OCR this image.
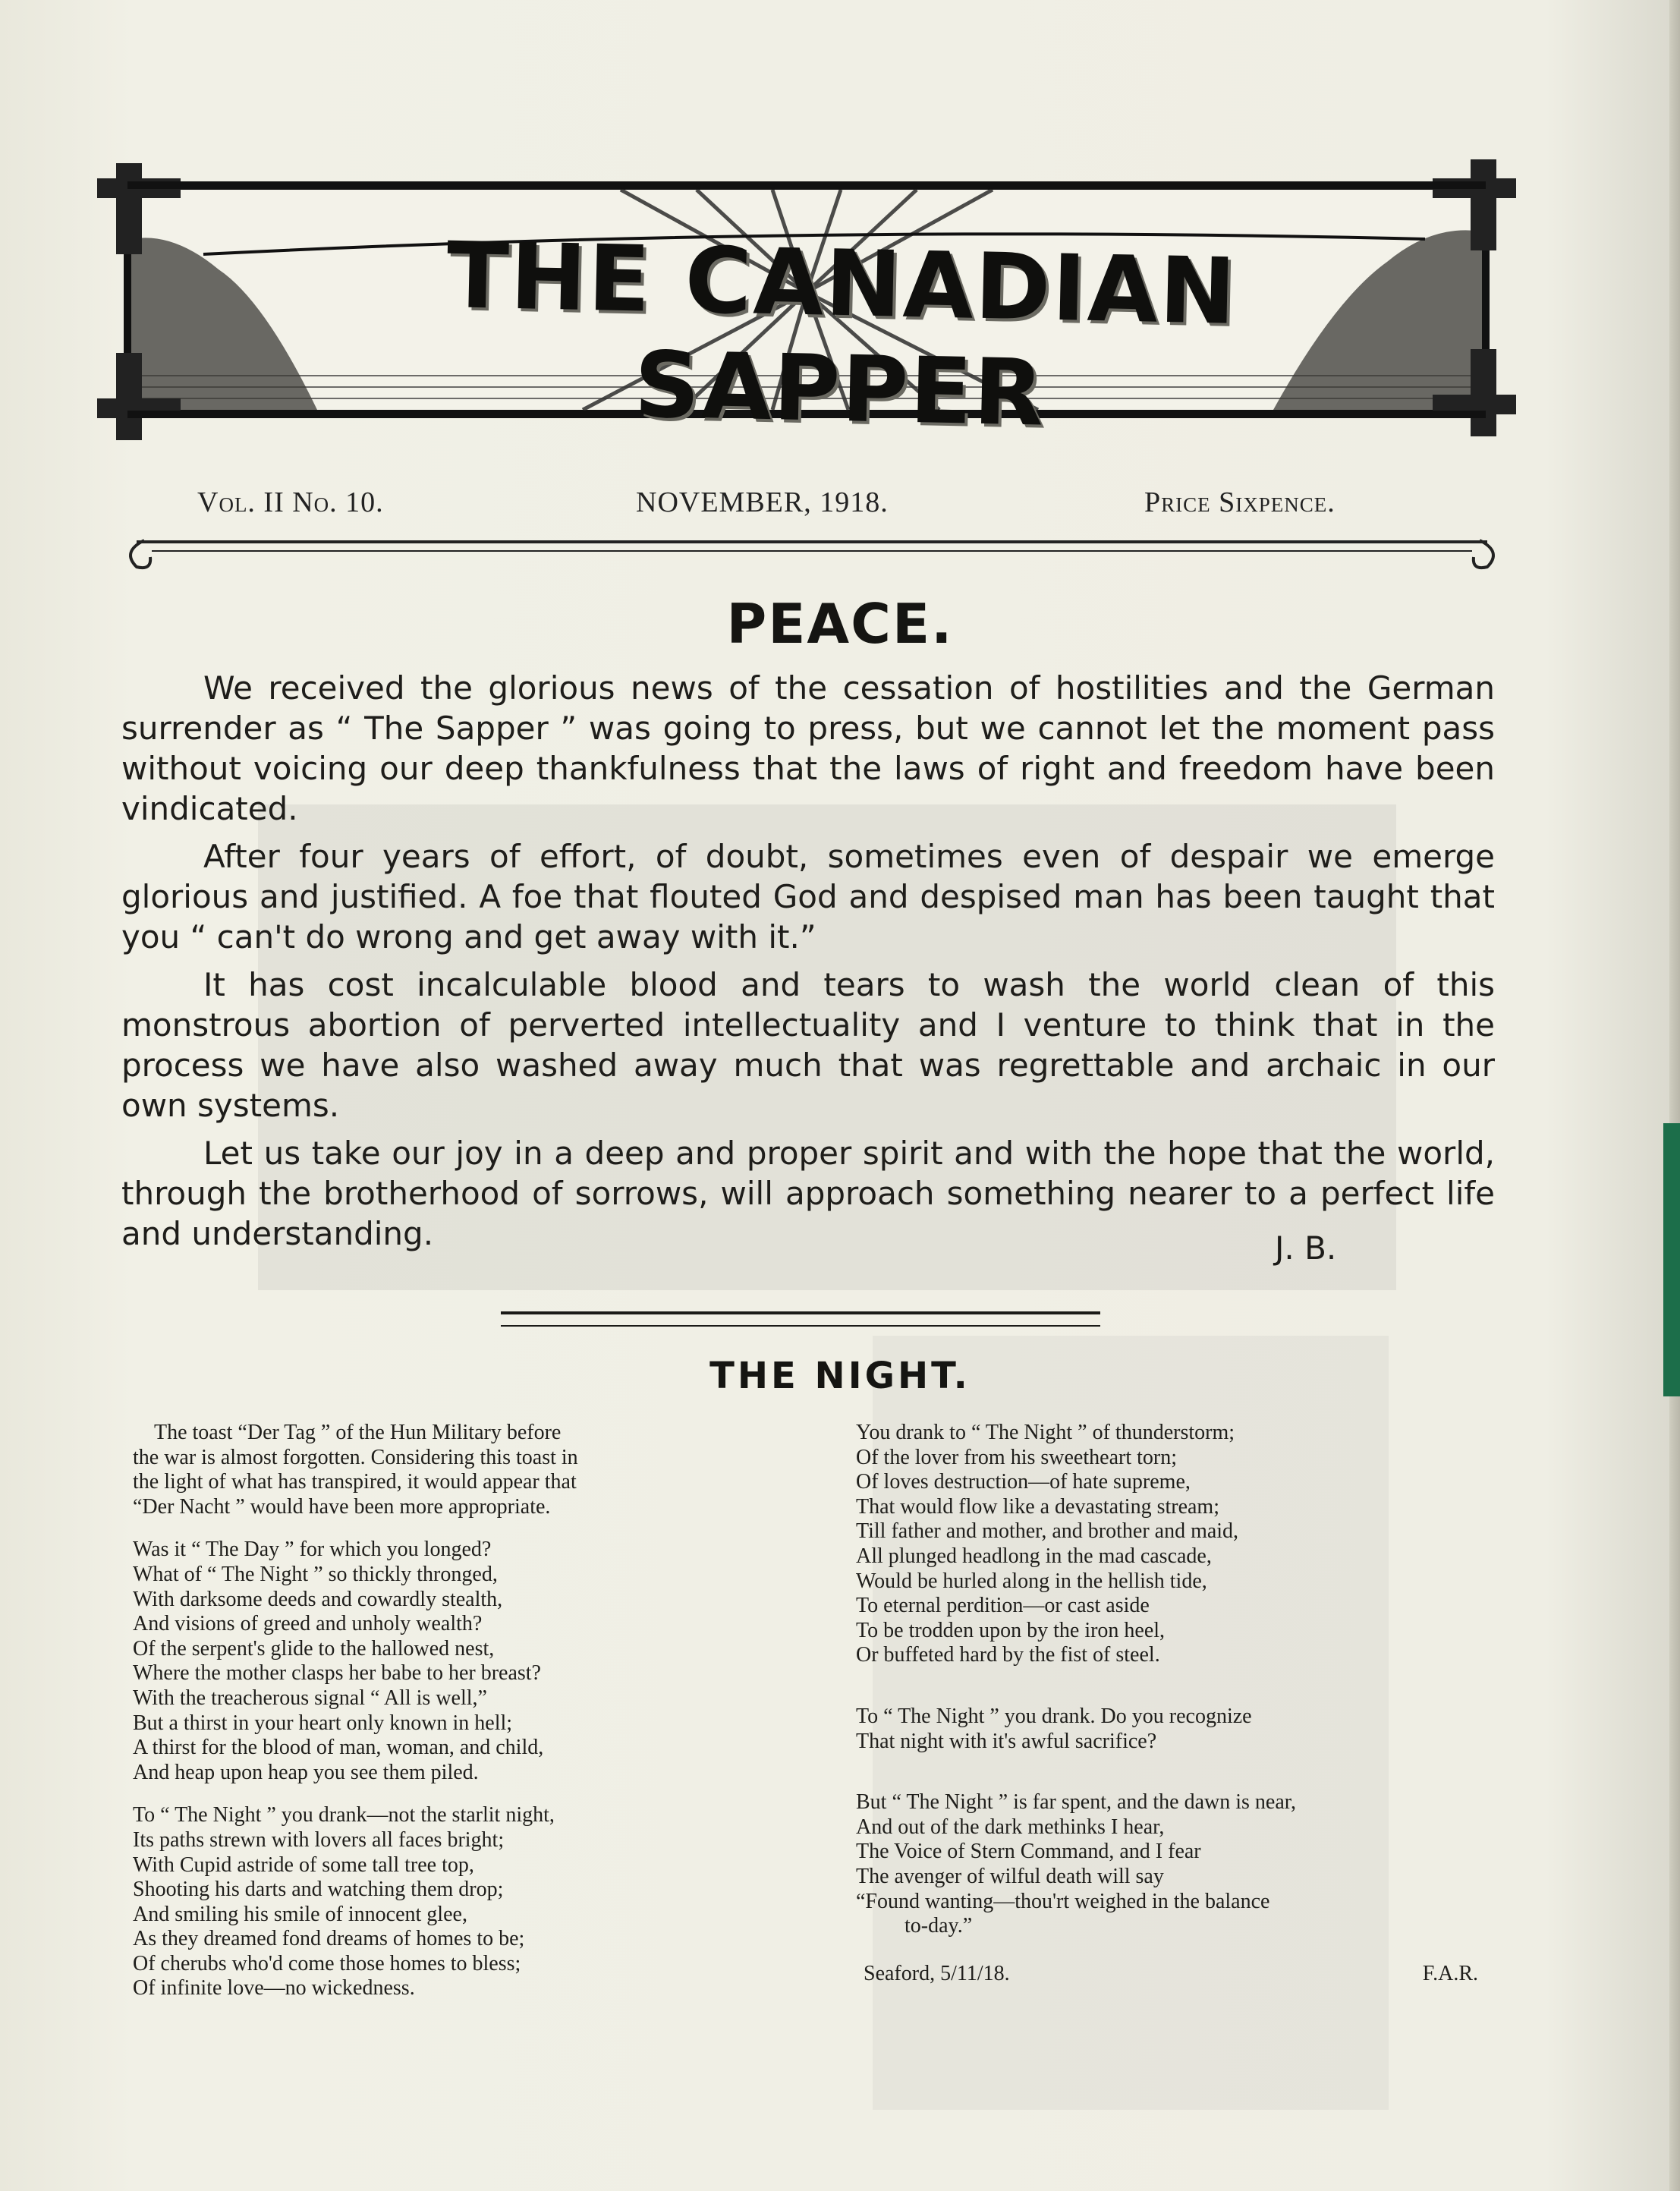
THE CANADIAN SAPPER
Vol. II No. 10.	NOVEMBER, 1918.	Price Sixpence.
PEACE.

We received the glorious news of the cessation of hostilities and the German surrender as “ The Sapper ” was going to press, but we cannot let the moment pass without voicing our deep thankfulness that the laws of right and freedom have been vindicated.

After four years of effort, of doubt, sometimes even of despair we emerge glorious and justified. A foe that flouted God and despised man has been taught that you “ can't do wrong and get away with it.”

It has cost incalculable blood and tears to wash the world clean of this monstrous abortion of perverted intellectuality and I venture to think that in the process we have also washed away much that was regrettable and archaic in our own systems.

Let us take our joy in a deep and proper spirit and with the hope that the world, through the brotherhood of sorrows, will approach something nearer to a perfect life and understanding.	J. B.
THE NIGHT.
The toast “Der Tag ” of the Hun Military before
the war is almost forgotten. Considering this toast in
the light of what has transpired, it would appear that
“Der Nacht ” would have been more appropriate.
Was it “ The Day ” for which you longed?
What of “ The Night ” so thickly thronged,
With darksome deeds and cowardly stealth,
And visions of greed and unholy wealth?
Of the serpent's glide to the hallowed nest,
Where the mother clasps her babe to her breast?
With the treacherous signal “ All is well,”
But a thirst in your heart only known in hell;
A thirst for the blood of man, woman, and child,
And heap upon heap you see them piled.
To “ The Night ” you drank—not the starlit night,
Its paths strewn with lovers all faces bright;
With Cupid astride of some tall tree top,
Shooting his darts and watching them drop;
And smiling his smile of innocent glee,
As they dreamed fond dreams of homes to be;
Of cherubs who'd come those homes to bless;
Of infinite love—no wickedness.
You drank to “ The Night ” of thunderstorm;
Of the lover from his sweetheart torn;
Of loves destruction—of hate supreme,
That would flow like a devastating stream;
Till father and mother, and brother and maid,
All plunged headlong in the mad cascade,
Would be hurled along in the hellish tide,
To eternal perdition—or cast aside
To be trodden upon by the iron heel,
Or buffeted hard by the fist of steel.
To “ The Night ” you drank. Do you recognize
That night with it's awful sacrifice?
But “ The Night ” is far spent, and the dawn is near,
And out of the dark methinks I hear,
The Voice of Stern Command, and I fear
The avenger of wilful death will say
“Found wanting—thou'rt weighed in the balance
to-day.”
Seaford, 5/11/18.	F.A.R.
